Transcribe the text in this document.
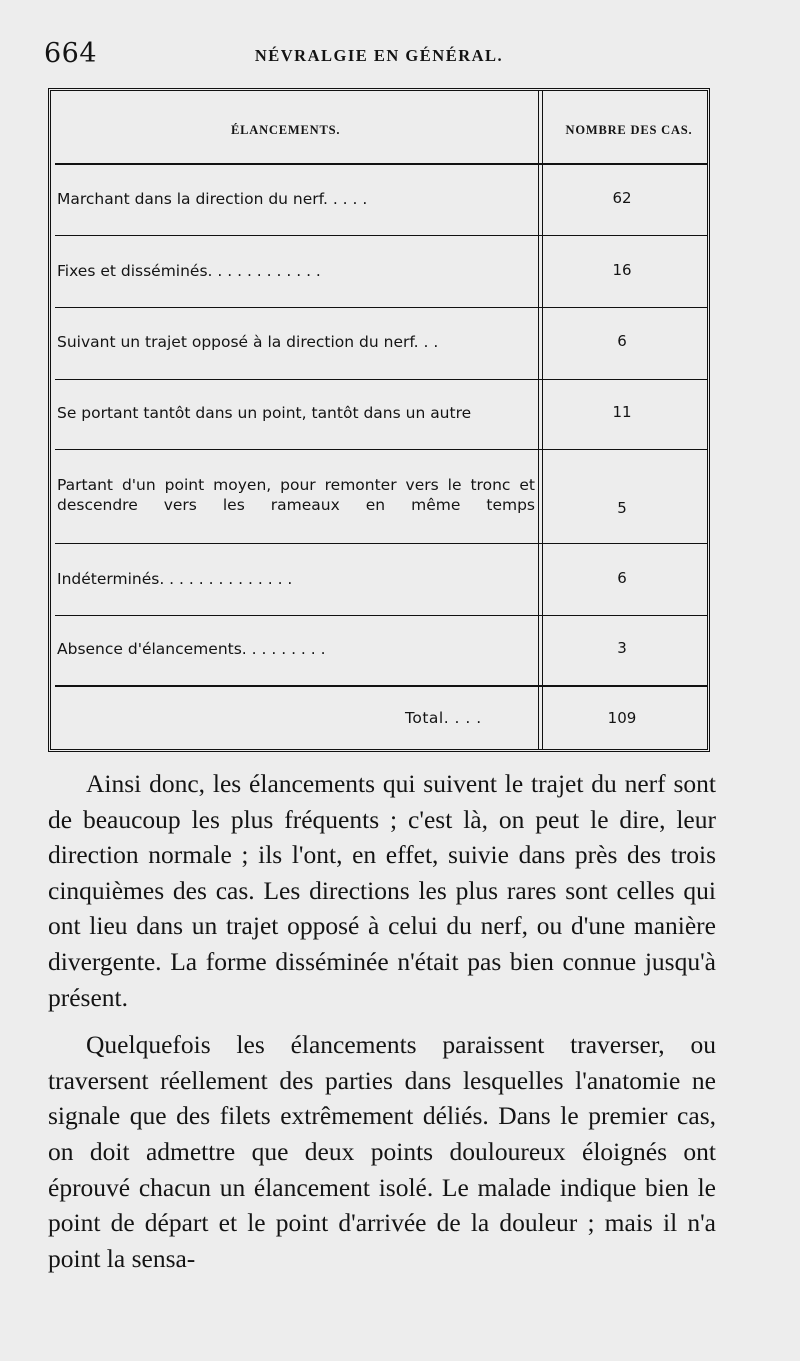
664	NÉVRALGIE EN GÉNÉRAL.
ÉLANCEMENTS.	NOMBRE DES CAS.
Marchant dans la direction du nerf. . . . .	62
Fixes et disséminés. . . . . . . . . . . .	16
Suivant un trajet opposé à la direction du nerf. . .	6
Se portant tantôt dans un point, tantôt dans un autre	11
Partant d'un point moyen, pour remonter vers le tronc et descendre vers les rameaux en même temps	5
Indéterminés. . . . . . . . . . . . . .	6
Absence d'élancements. . . . . . . . .	3
Total. . . .	109

Ainsi donc, les élancements qui suivent le trajet du nerf sont de beaucoup les plus fréquents ; c'est là, on peut le dire, leur direction normale ; ils l'ont, en effet, suivie dans près des trois cinquièmes des cas. Les directions les plus rares sont celles qui ont lieu dans un trajet opposé à celui du nerf, ou d'une manière divergente. La forme disséminée n'était pas bien connue jusqu'à présent.

Quelquefois les élancements paraissent traverser, ou traversent réellement des parties dans lesquelles l'anatomie ne signale que des filets extrêmement déliés. Dans le premier cas, on doit admettre que deux points douloureux éloignés ont éprouvé chacun un élancement isolé. Le malade indique bien le point de départ et le point d'arrivée de la douleur ; mais il n'a point la sensa-
